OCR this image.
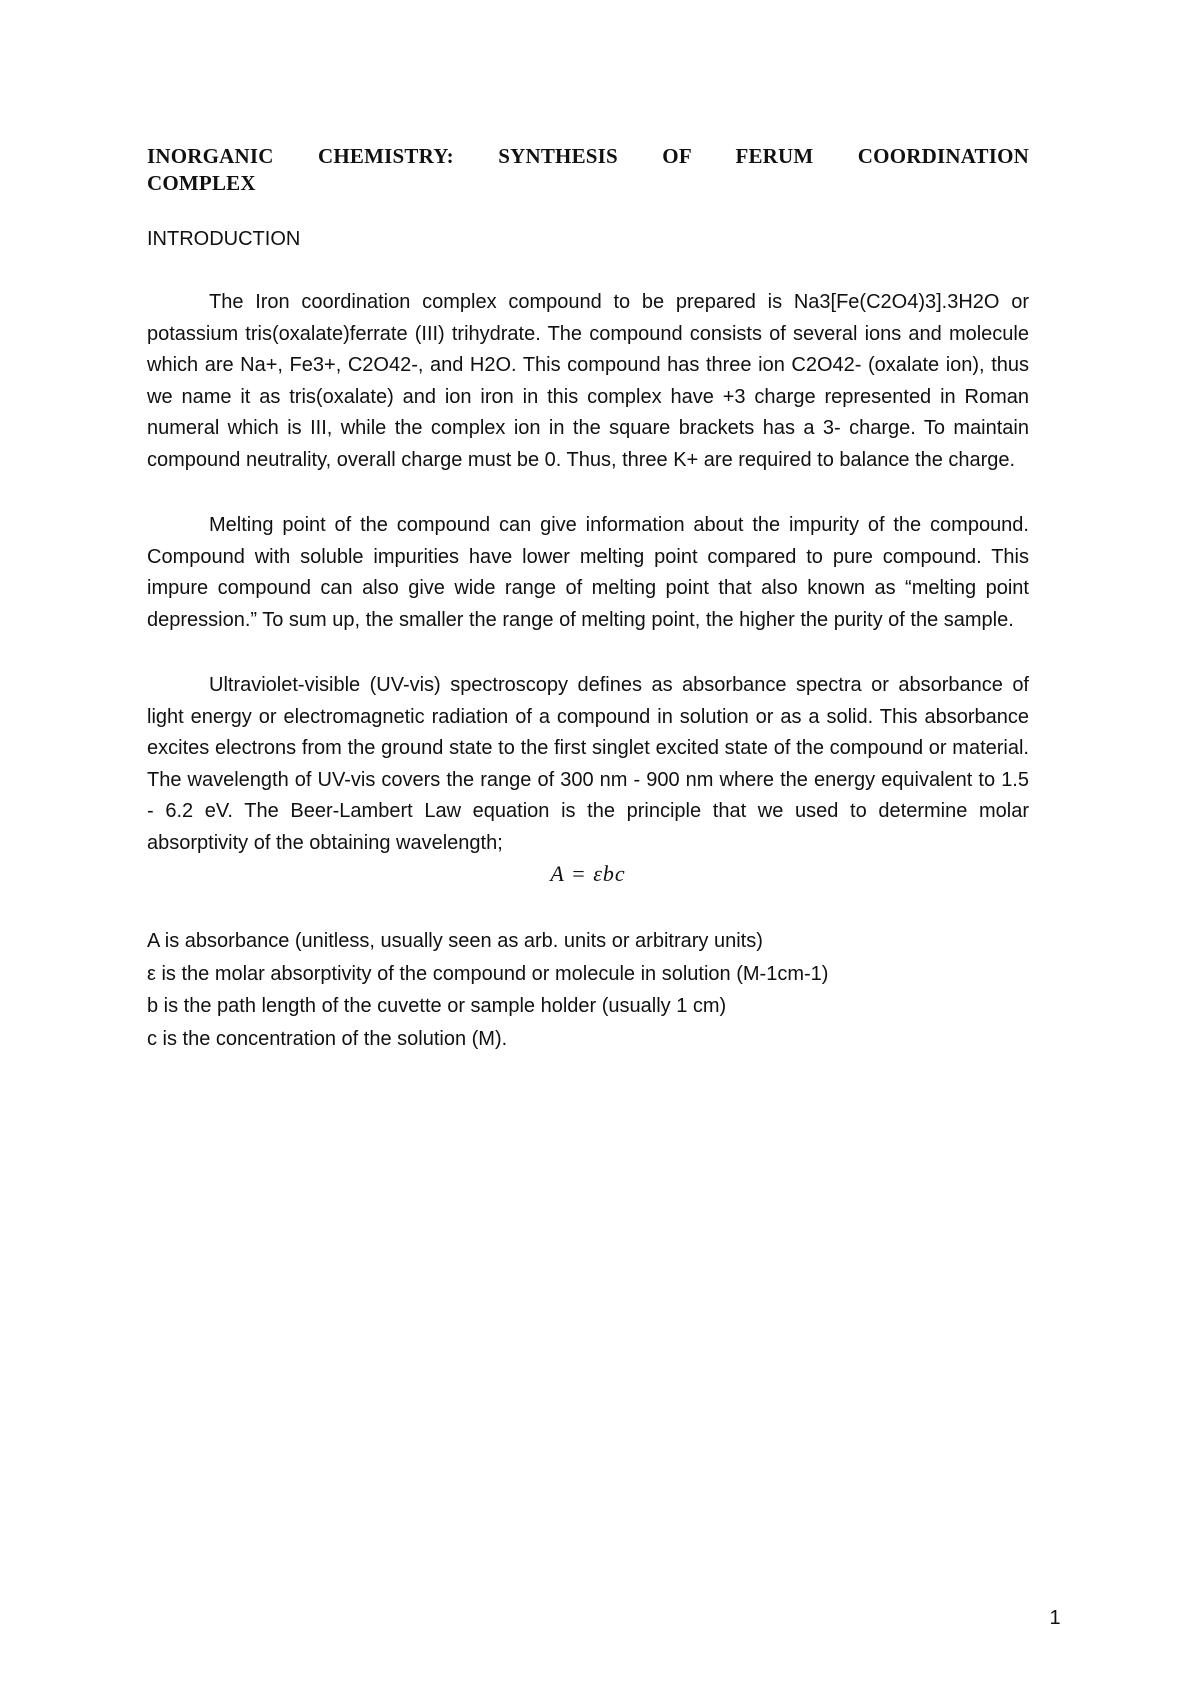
INORGANIC CHEMISTRY: SYNTHESIS OF FERUM COORDINATION COMPLEX
INTRODUCTION

The Iron coordination complex compound to be prepared is Na3[Fe(C2O4)3].3H2O or potassium tris(oxalate)ferrate (III) trihydrate. The compound consists of several ions and molecule which are Na+, Fe3+, C2O42-, and H2O. This compound has three ion C2O42- (oxalate ion), thus we name it as tris(oxalate) and ion iron in this complex have +3 charge represented in Roman numeral which is III, while the complex ion in the square brackets has a 3- charge. To maintain compound neutrality, overall charge must be 0. Thus, three K+ are required to balance the charge.

Melting point of the compound can give information about the impurity of the compound. Compound with soluble impurities have lower melting point compared to pure compound. This impure compound can also give wide range of melting point that also known as “melting point depression.” To sum up, the smaller the range of melting point, the higher the purity of the sample.

Ultraviolet-visible (UV-vis) spectroscopy defines as absorbance spectra or absorbance of light energy or electromagnetic radiation of a compound in solution or as a solid. This absorbance excites electrons from the ground state to the first singlet excited state of the compound or material. The wavelength of UV-vis covers the range of 300 nm - 900 nm where the energy equivalent to 1.5 - 6.2 eV. The Beer-Lambert Law equation is the principle that we used to determine molar absorptivity of the obtaining wavelength;

A = εbc
A is absorbance (unitless, usually seen as arb. units or arbitrary units)
ε is the molar absorptivity of the compound or molecule in solution (M-1cm-1)
b is the path length of the cuvette or sample holder (usually 1 cm)
c is the concentration of the solution (M).
1
